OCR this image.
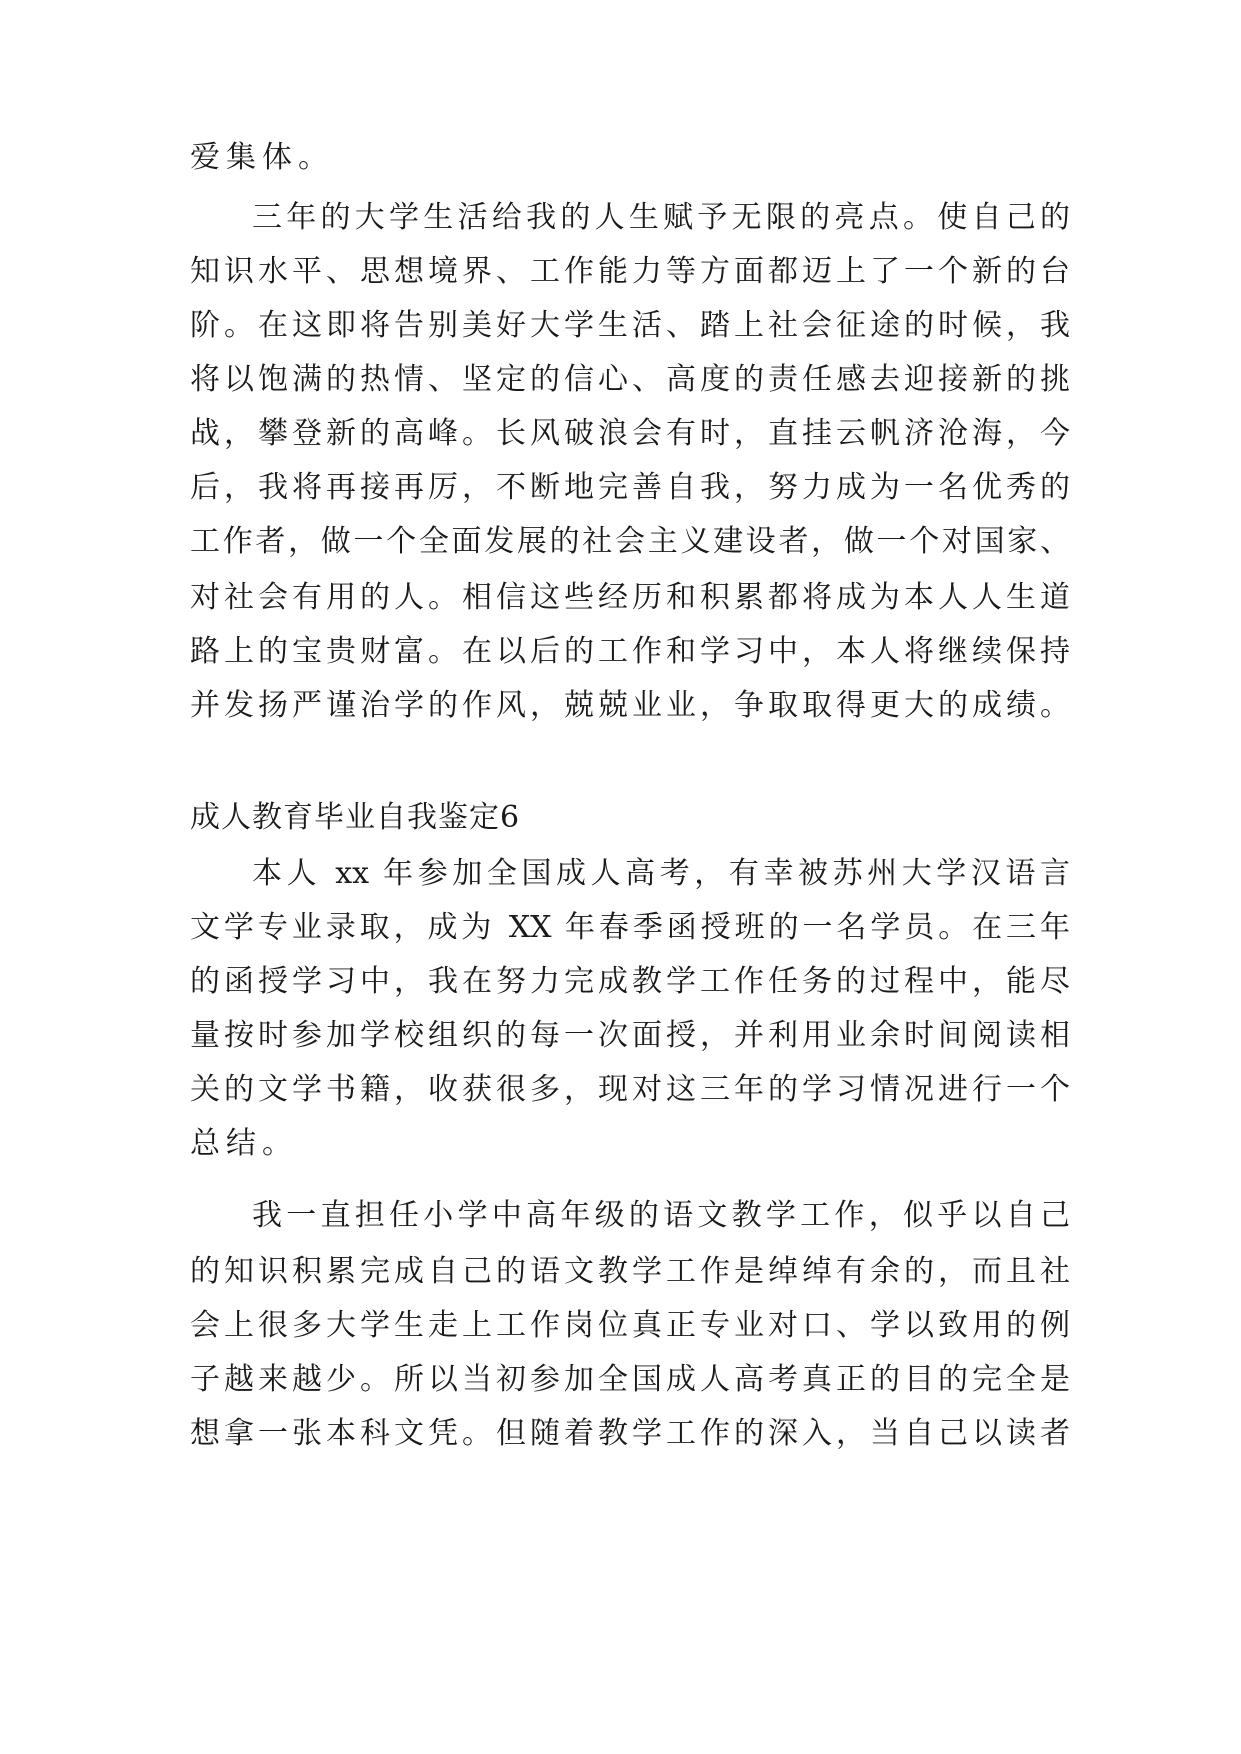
爱集体。
三年的大学生活给我的人生赋予无限的亮点。使自己的
知识水平、思想境界、工作能力等方面都迈上了一个新的台
阶。在这即将告别美好大学生活、踏上社会征途的时候，我
将以饱满的热情、坚定的信心、高度的责任感去迎接新的挑
战，攀登新的高峰。长风破浪会有时，直挂云帆济沧海，今
后，我将再接再厉，不断地完善自我，努力成为一名优秀的
工作者，做一个全面发展的社会主义建设者，做一个对国家、
对社会有用的人。相信这些经历和积累都将成为本人人生道
路上的宝贵财富。在以后的工作和学习中，本人将继续保持
并发扬严谨治学的作风，兢兢业业，争取取得更大的成绩。
成人教育毕业自我鉴定6
本人 xx 年参加全国成人高考，有幸被苏州大学汉语言
文学专业录取，成为 XX 年春季函授班的一名学员。在三年
的函授学习中，我在努力完成教学工作任务的过程中，能尽
量按时参加学校组织的每一次面授，并利用业余时间阅读相
关的文学书籍，收获很多，现对这三年的学习情况进行一个
总结。
我一直担任小学中高年级的语文教学工作，似乎以自己
的知识积累完成自己的语文教学工作是绰绰有余的，而且社
会上很多大学生走上工作岗位真正专业对口、学以致用的例
子越来越少。所以当初参加全国成人高考真正的目的完全是
想拿一张本科文凭。但随着教学工作的深入，当自己以读者
